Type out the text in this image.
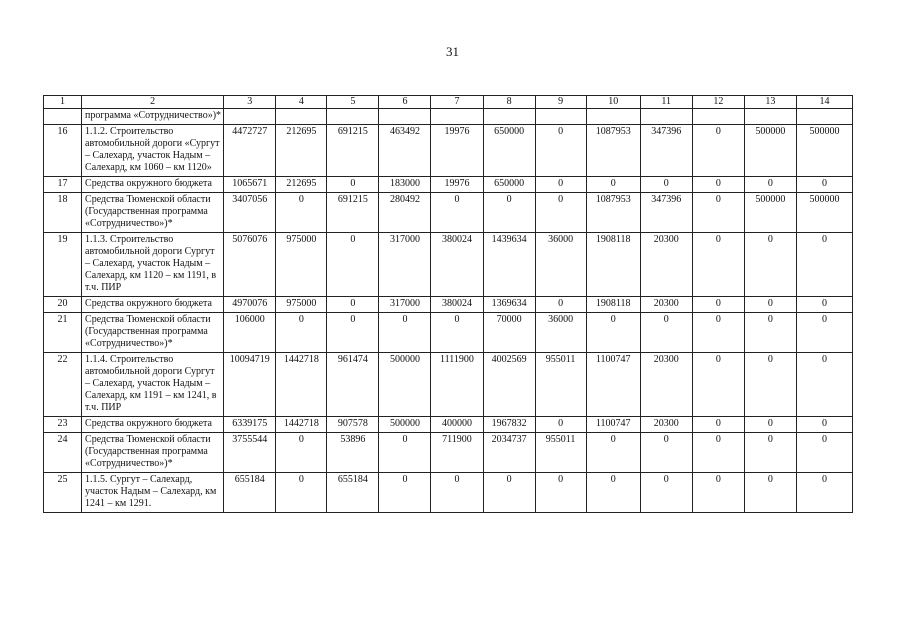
31
1	2	3	4	5	6	7	8	9	10	11	12	13	14
	программа «Сотрудничество»)*												
16	1.1.2. Строительство автомобильной дороги «Сургут – Салехард, участок Надым – Салехард, км 1060 – км 1120»	4472727	212695	691215	463492	19976	650000	0	1087953	347396	0	500000	500000
17	Средства окружного бюджета	1065671	212695	0	183000	19976	650000	0	0	0	0	0	0
18	Средства Тюменской области (Государственная программа «Сотрудничество»)*	3407056	0	691215	280492	0	0	0	1087953	347396	0	500000	500000
19	1.1.3. Строительство автомобильной дороги Сургут – Салехард, участок Надым – Салехард, км 1120 – км 1191, в т.ч. ПИР	5076076	975000	0	317000	380024	1439634	36000	1908118	20300	0	0	0
20	Средства окружного бюджета	4970076	975000	0	317000	380024	1369634	0	1908118	20300	0	0	0
21	Средства Тюменской области (Государственная программа «Сотрудничество»)*	106000	0	0	0	0	70000	36000	0	0	0	0	0
22	1.1.4. Строительство автомобильной дороги Сургут – Салехард, участок Надым – Салехард, км 1191 – км 1241, в т.ч. ПИР	10094719	1442718	961474	500000	1111900	4002569	955011	1100747	20300	0	0	0
23	Средства окружного бюджета	6339175	1442718	907578	500000	400000	1967832	0	1100747	20300	0	0	0
24	Средства Тюменской области (Государственная программа «Сотрудничество»)*	3755544	0	53896	0	711900	2034737	955011	0	0	0	0	0
25	1.1.5. Сургут – Салехард, участок Надым – Салехард, км 1241 – км 1291.	655184	0	655184	0	0	0	0	0	0	0	0	0
